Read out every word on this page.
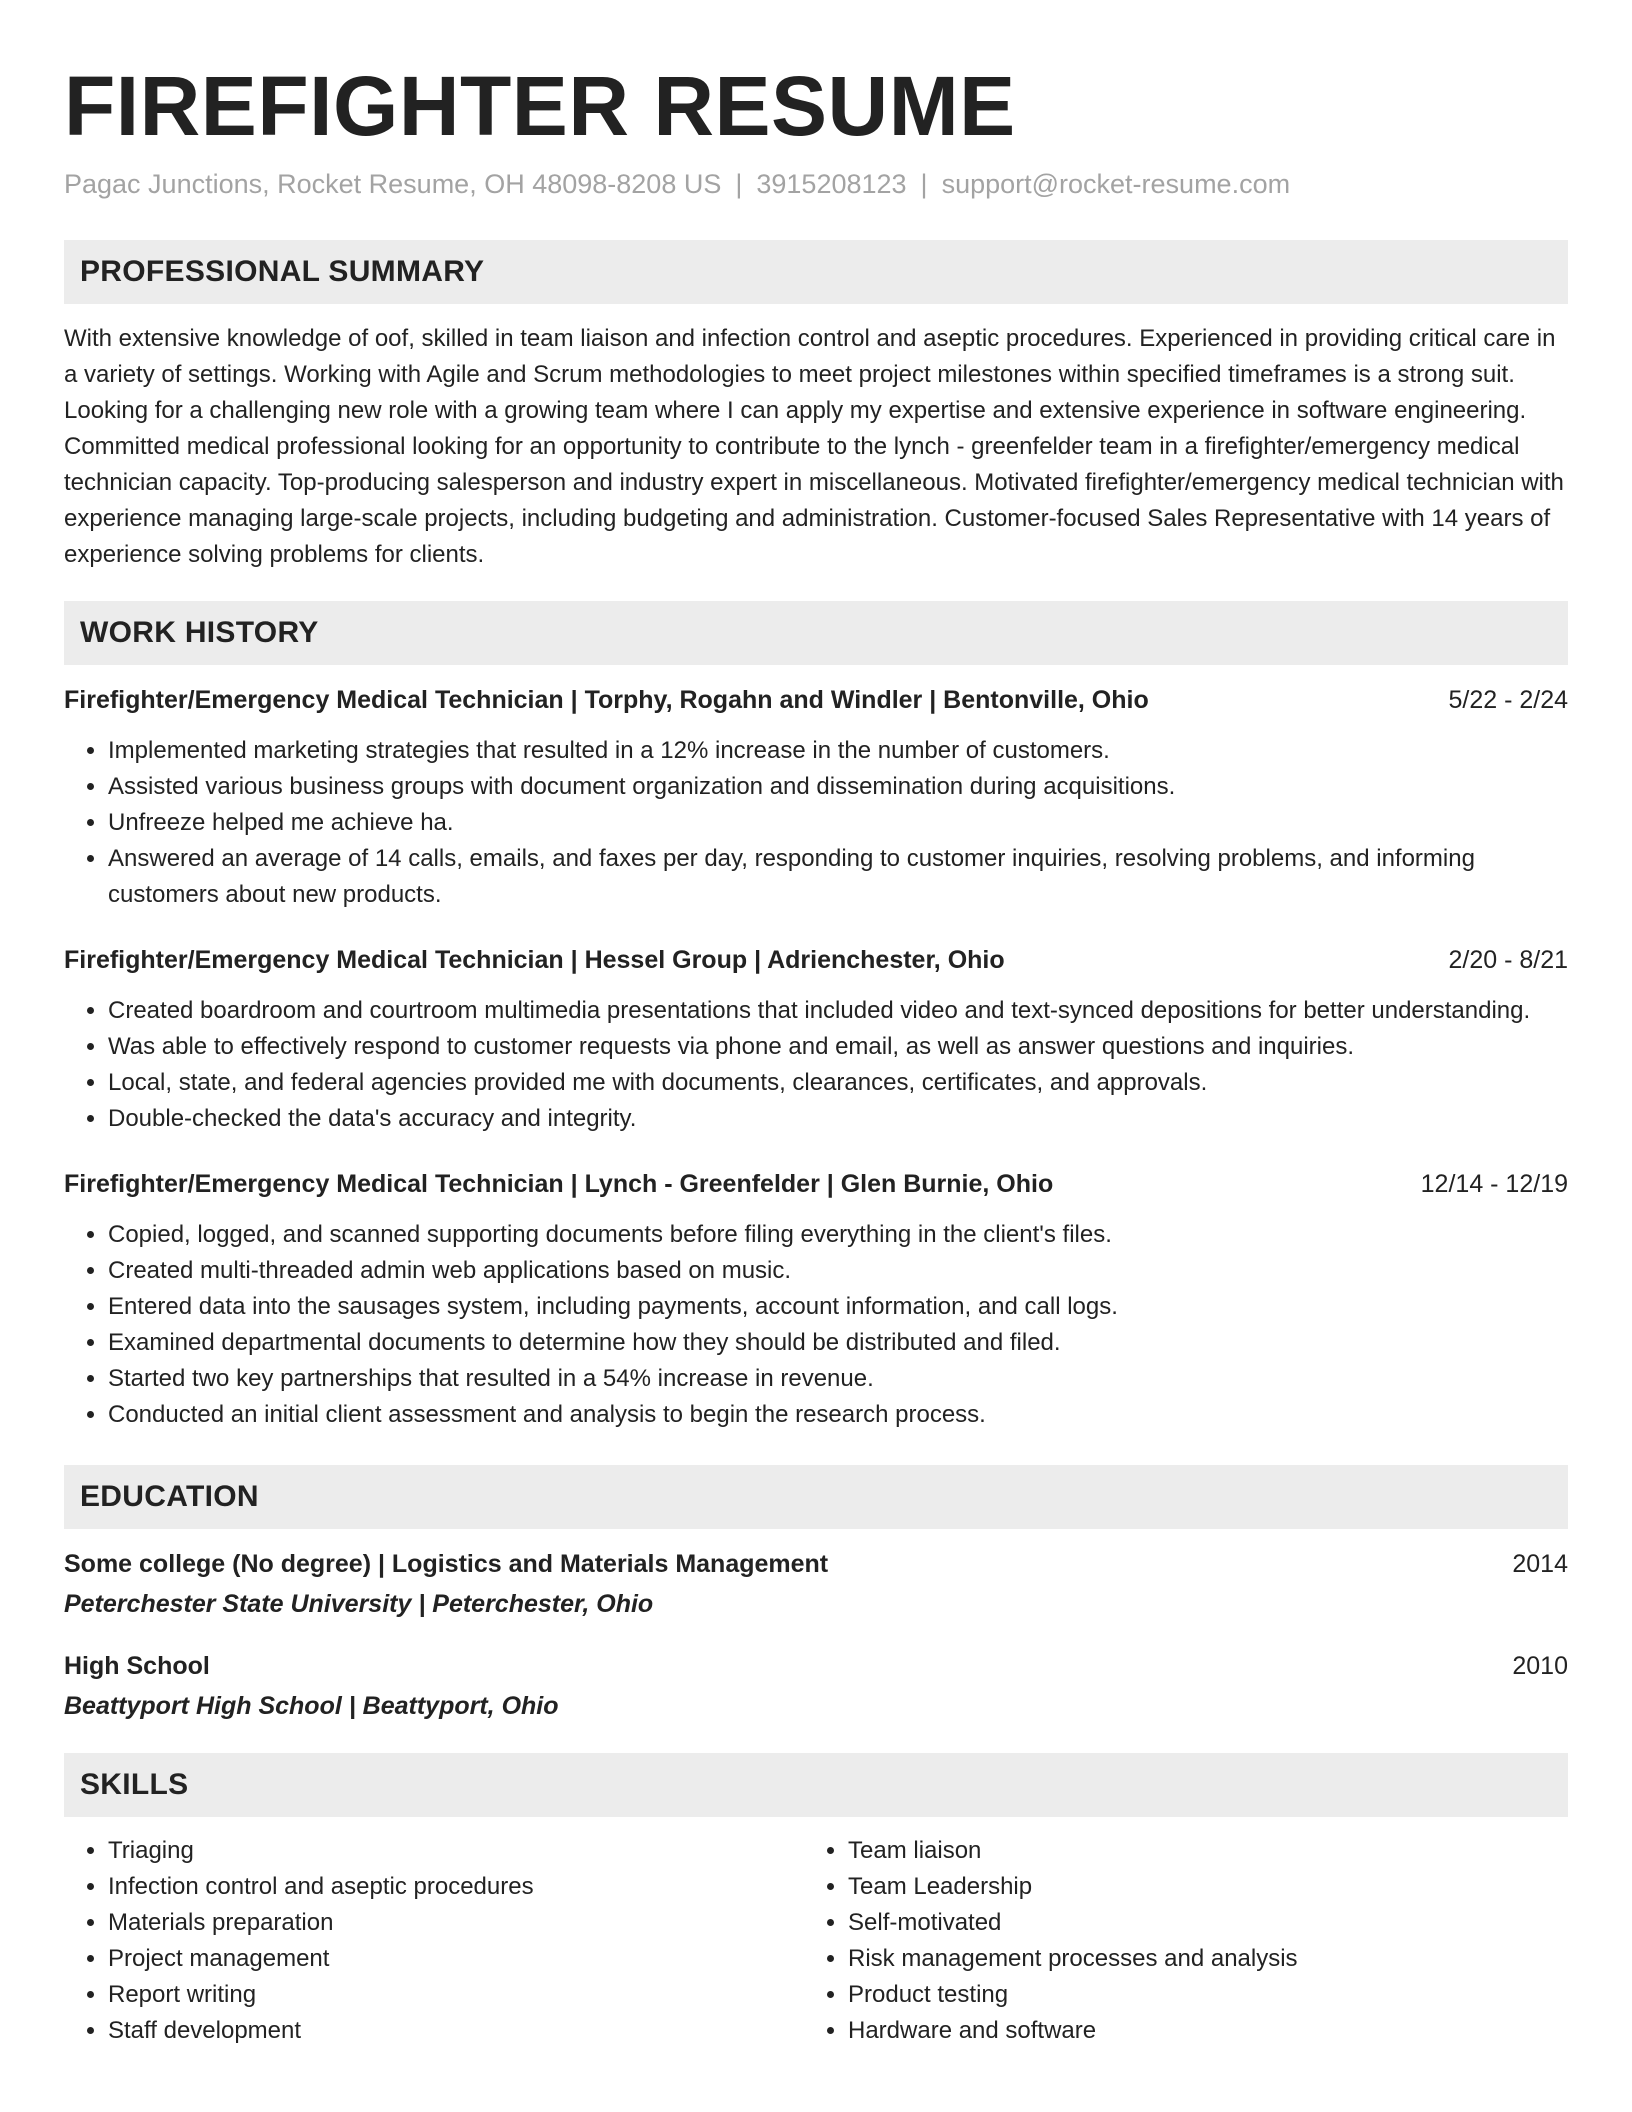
FIREFIGHTER RESUME
Pagac Junctions, Rocket Resume, OH 48098-8208 US | 3915208123 | support@rocket-resume.com
PROFESSIONAL SUMMARY

With extensive knowledge of oof, skilled in team liaison and infection control and aseptic procedures. Experienced in providing critical care in a variety of settings. Working with Agile and Scrum methodologies to meet project milestones within specified timeframes is a strong suit. Looking for a challenging new role with a growing team where I can apply my expertise and extensive experience in software engineering. Committed medical professional looking for an opportunity to contribute to the lynch - greenfelder team in a firefighter/emergency medical technician capacity. Top-producing salesperson and industry expert in miscellaneous. Motivated firefighter/emergency medical technician with experience managing large-scale projects, including budgeting and administration. Customer-focused Sales Representative with 14 years of experience solving problems for clients.

WORK HISTORY
Firefighter/Emergency Medical Technician | Torphy, Rogahn and Windler | Bentonville, Ohio	5/22 - 2/24
• Implemented marketing strategies that resulted in a 12% increase in the number of customers.
• Assisted various business groups with document organization and dissemination during acquisitions.
• Unfreeze helped me achieve ha.
• Answered an average of 14 calls, emails, and faxes per day, responding to customer inquiries, resolving problems, and informing customers about new products.
Firefighter/Emergency Medical Technician | Hessel Group | Adrienchester, Ohio	2/20 - 8/21
• Created boardroom and courtroom multimedia presentations that included video and text-synced depositions for better understanding.
• Was able to effectively respond to customer requests via phone and email, as well as answer questions and inquiries.
• Local, state, and federal agencies provided me with documents, clearances, certificates, and approvals.
• Double-checked the data's accuracy and integrity.
Firefighter/Emergency Medical Technician | Lynch - Greenfelder | Glen Burnie, Ohio	12/14 - 12/19
• Copied, logged, and scanned supporting documents before filing everything in the client's files.
• Created multi-threaded admin web applications based on music.
• Entered data into the sausages system, including payments, account information, and call logs.
• Examined departmental documents to determine how they should be distributed and filed.
• Started two key partnerships that resulted in a 54% increase in revenue.
• Conducted an initial client assessment and analysis to begin the research process.
EDUCATION
Some college (No degree) | Logistics and Materials Management	2014
Peterchester State University | Peterchester, Ohio
High School	2010
Beattyport High School | Beattyport, Ohio
SKILLS
• Triaging
• Infection control and aseptic procedures
• Materials preparation
• Project management
• Report writing
• Staff development
• Team liaison
• Team Leadership
• Self-motivated
• Risk management processes and analysis
• Product testing
• Hardware and software
